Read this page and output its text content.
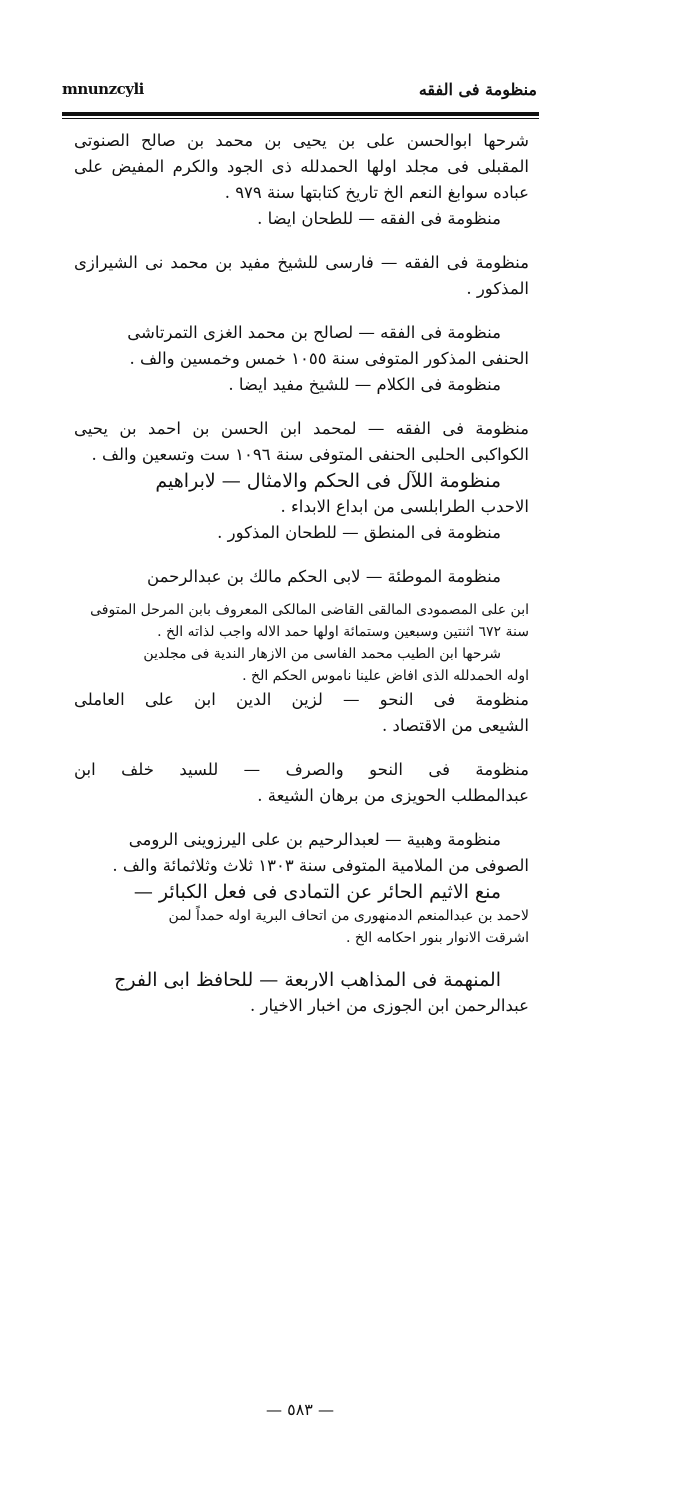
mnunzcyli	منظومة فى الفقه
شرحها ابوالحسن على بن يحيى بن محمد بن صالح الصنوتى
المقبلى فى مجلد اولها الحمدلله ذى الجود والكرم المفيض على
عباده سوابغ النعم الخ تاريخ كتابتها سنة ٩٧٩ .
منظومة فى الفقه — للطحان ايضا .
منظومة فى الفقه — فارسى للشيخ مفيد بن محمد نى الشيرازى
المذكور .
منظومة فى الفقه — لصالح بن محمد الغزى التمرتاشى
الحنفى المذكور المتوفى سنة ١٠٥٥ خمس وخمسين والف .
منظومة فى الكلام — للشيخ مفيد ايضا .
منظومة فى الفقه — لمحمد ابن الحسن بن احمد بن يحيى
الكواكبى الحلبى الحنفى المتوفى سنة ١٠٩٦ ست وتسعين والف .
منظومة اللآل فى الحكم والامثال — لابراهيم
الاحدب الطرابلسى من ابداع الابداء .
منظومة فى المنطق — للطحان المذكور .
منظومة الموطئة — لابى الحكم مالك بن عبدالرحمن
ابن على المصمودى المالقى القاضى المالكى المعروف بابن المرحل المتوفى
سنة ٦٧٢ اثنتين وسبعين وستمائة اولها حمد الاله واجب لذاته الخ .
شرحها ابن الطيب محمد الفاسى من الازهار الندية فى مجلدين
اوله الحمدلله الذى افاض علينا ناموس الحكم الخ .
منظومة فى النحو — لزين الدين ابن على العاملى
الشيعى من الاقتصاد .
منظومة فى النحو والصرف — للسيد خلف ابن
عبدالمطلب الحويزى من برهان الشيعة .
منظومة وهبية — لعبدالرحيم بن على اليرزوينى الرومى
الصوفى من الملامية المتوفى سنة ١٣٠٣ ثلاث وثلاثمائة والف .
منع الاثيم الحائر عن التمادى فى فعل الكبائر —
لاحمد بن عبدالمنعم الدمنهورى من اتحاف البرية اوله حمداً لمن
اشرقت الانوار بنور احكامه الخ .
المنهمة فى المذاهب الاربعة — للحافظ ابى الفرج
عبدالرحمن ابن الجوزى من اخبار الاخيار .
— ٥٨٣ —
